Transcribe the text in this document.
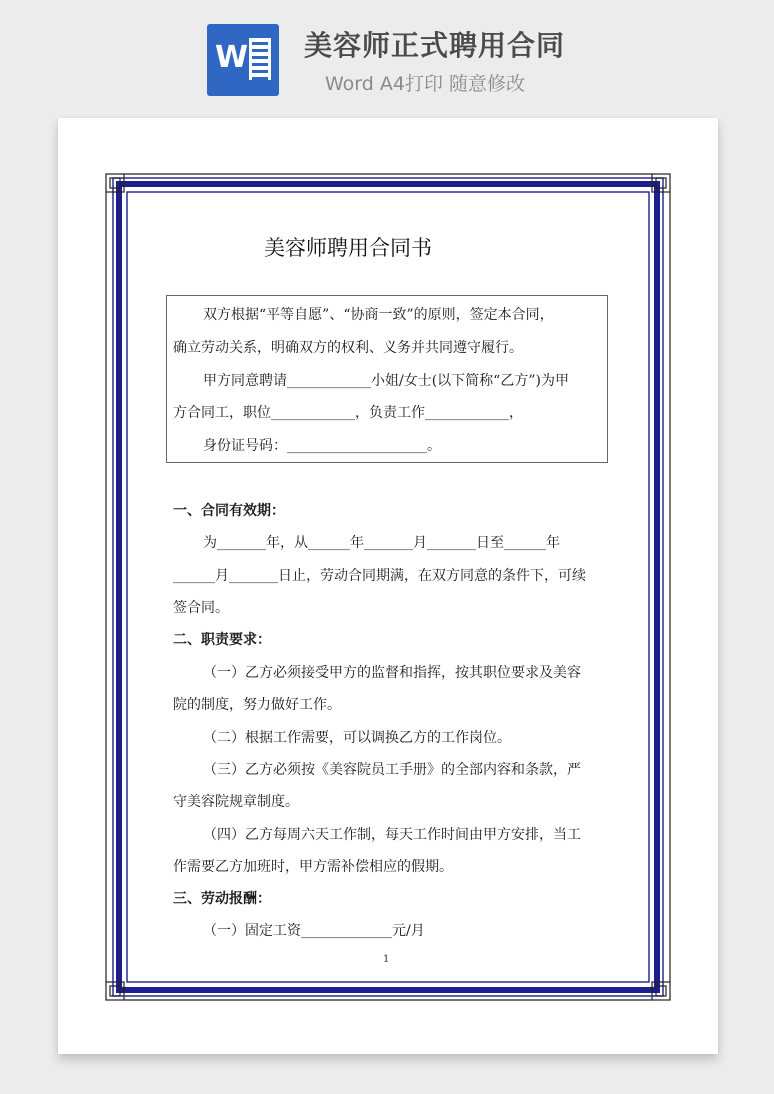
W 美容师正式聘用合同
Word A4打印 随意修改
美容师聘用合同书
双方根据“平等自愿”、“协商一致”的原则，签定本合同，
确立劳动关系，明确双方的权利、义务并共同遵守履行。
甲方同意聘请____________小姐/女士(以下简称“乙方”)为甲
方合同工，职位____________，负责工作____________，
身份证号码：____________________。
一、合同有效期：
为_______年，从______年_______月_______日至______年
______月_______日止，劳动合同期满，在双方同意的条件下，可续
签合同。
二、职责要求：
（一）乙方必须接受甲方的监督和指挥，按其职位要求及美容
院的制度，努力做好工作。
（二）根据工作需要，可以调换乙方的工作岗位。
（三）乙方必须按《美容院员工手册》的全部内容和条款，严
守美容院规章制度。
（四）乙方每周六天工作制，每天工作时间由甲方安排，当工
作需要乙方加班时，甲方需补偿相应的假期。
三、劳动报酬：
（一）固定工资_____________元/月
1
